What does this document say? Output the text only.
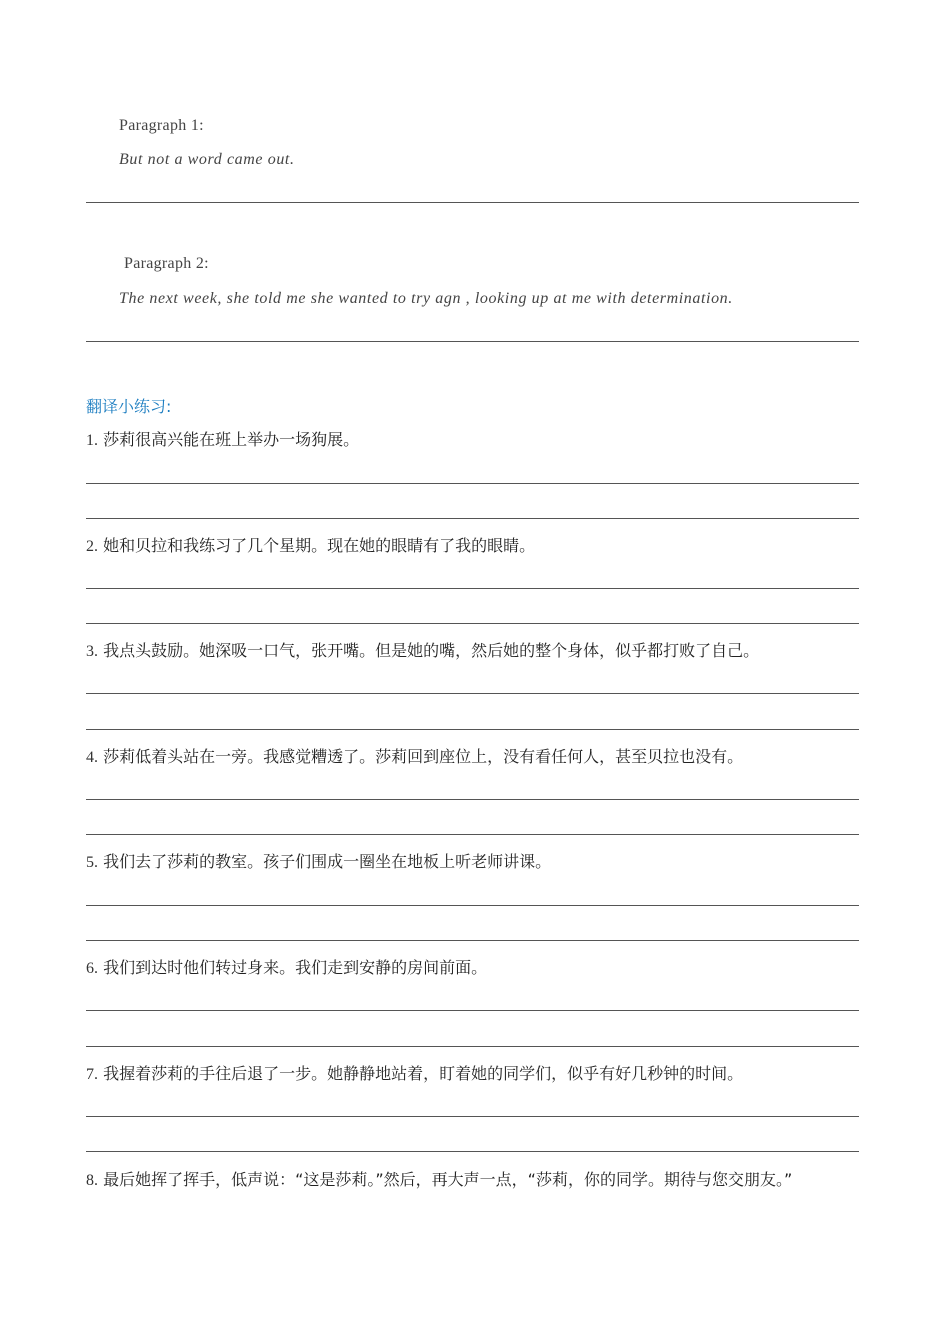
Paragraph 1:
But not a word came out.
Paragraph 2:
The next week, she told me she wanted to try agn , looking up at me with determination.
翻译小练习:
1. 莎莉很高兴能在班上举办一场狗展。
2. 她和贝拉和我练习了几个星期。现在她的眼睛有了我的眼睛。
3. 我点头鼓励。她深吸一口气，张开嘴。但是她的嘴，然后她的整个身体，似乎都打败了自己。
4. 莎莉低着头站在一旁。我感觉糟透了。莎莉回到座位上，没有看任何人，甚至贝拉也没有。
5. 我们去了莎莉的教室。孩子们围成一圈坐在地板上听老师讲课。
6. 我们到达时他们转过身来。我们走到安静的房间前面。
7. 我握着莎莉的手往后退了一步。她静静地站着，盯着她的同学们，似乎有好几秒钟的时间。
8. 最后她挥了挥手，低声说：“这是莎莉。”然后，再大声一点，“莎莉，你的同学。期待与您交朋友。”
